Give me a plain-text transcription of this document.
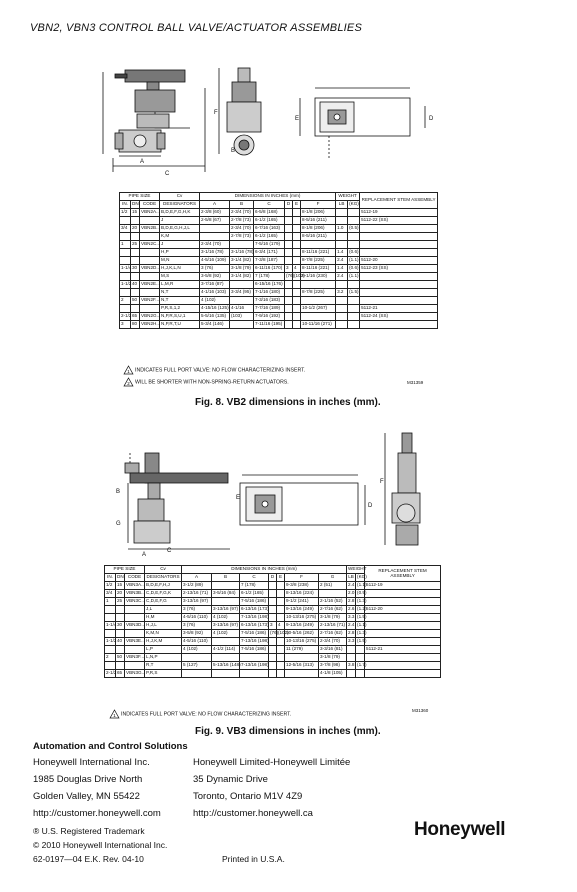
VBN2, VBN3 CONTROL BALL VALVE/ACTUATOR ASSEMBLIES
A
B
C
D
E
F
PIPE SIZE			Cv	DIMENSIONS IN INCHES (mm)						WEIGHT		REPLACEMENT STEM ASSEMBLY
IN.	DN	CODE	DESIGNATORS	A	B	C	D	E	F	LB	(KG)	
1/2	15	VBN2A...	B,D,E,F,G,H,K	2-3/8 (60)	2-3/4 (70)	6-5/8 (168)			8-1/8 (206)			5112-19
			J	2-5/8 (67)	2-7/8 (73)	6-1/2 (165)			8-5/16 (211)			5112-22 (SS)
3/4	20	VBN2B...	B,D,E,G,H,J,L		2-3/4 (70)	6-7/16 (163)			8-1/8 (206)	1.0	(0.5)	
			K,M		2-7/8 (73)	6-1/2 (165)			8-5/16 (211)			
1	25	VBN2C...	J	2-3/4 (70)		7-5/16 (179)						
			H,P	3-1/16 (78)	3-1/16 (78)	6-3/4 (171)			8-11/16 (221)	1.4	(0.6)	
			M,N	4-5/16 (109)	3-1/4 (82)	7-3/8 (187)			8-7/8 (225)	2.4	(1.1)	5112-20
1-1/4	30	VBN2D...	H,J,K,L,N	3 (76)	3-1/8 (79)	6-11/16 (170)	3	4	8-11/16 (221)	1.4	(0.6)	5112-23 (SS)
			M,S	3-5/8 (92)	3-1/4 (82)	7 (178)	(76)	(102)	9-1/16 (230)	2.4	(1.1)	
1-1/2	40	VBN2E...	L,M,R	3-7/16 (87)		6-15/16 (176)						
			N,T	4-1/16 (103)	3-3/4 (95)	7-1/16 (180)			8-7/8 (225)	3.2	(1.5)	
2	50	VBN2F...	N,T	4 (102)		7-3/16 (183)						
			P,R,S,1,2	4-15/16 (125)	4-1/16	7-7/16 (189)			10-1/2 (267)			5112-21
2-1/2	65	VBN2G...	N,P,R,S,U,1	5-5/16 (135)	(103)	7-9/16 (192)						5112-24 (SS)
3	80	VBN2H...	N,P,R,T,U	5-3/4 (146)		7-11/16 (195)			10-11/16 (271)			
1 INDICATES FULL PORT VALVE: NO FLOW CHARACTERIZING INSERT.
2 WILL BE SHORTER WITH NON-SPRING-RETURN ACTUATORS.	M31359
Fig. 8. VB2 dimensions in inches (mm).
A
B
C
D
E
F
G
PIPE SIZE			Cv	DIMENSIONS IN INCHES (mm)							WEIGHT		REPLACEMENT STEM ASSEMBLY
IN.	DN	CODE	DESIGNATORS	A	B	C	D	E	F	G	LB	(KG)	
1/2	15	VBN3A...	B,D,E,F,H,J	3-1/2 (89)		7 (178)			9-3/8 (238)	2 (51)	2.4	(1.1)	5112-19
3/4	20	VBN3B...	C,D,E,F,G,K	2-13/16 (71)	3-5/16 (84)	6-1/2 (165)			8-13/16 (224)		2.0	(0.9)	
1	25	VBN3C...	C,D,E,F,G	3-13/16 (97)		7-5/16 (186)			9-1/2 (241)	2-1/16 (52)	2.8	(1.3)	
			J,L	3 (76)	3-13/16 (97)	6-13/16 (173)			9-13/16 (249)	2-7/16 (62)	2.6	(1.2)	5112-20
			H,M	4-5/16 (110)	4 (102)	7-13/16 (198)			10-13/16 (275)	3-1/8 (79)	3.3	(1.5)	
1-1/4	30	VBN3D...	H,J,L	3 (76)	3-13/16 (97)	6-13/16 (173)	3	4	9-13/16 (249)	2-13/16 (71)	2.4	(1.1)	
			K,M,N	3-5/8 (92)	4 (102)	7-5/16 (186)	(76)	(102)	10-5/16 (262)	2-7/16 (62)	2.8	(1.3)	
1-1/2	40	VBN3E...	H,J,K,M	4-5/16 (110)		7-13/16 (198)			10-13/16 (275)	2-3/4 (70)	3.3	(1.5)	
			L,P	4 (102)	4-1/2 (114)	7-5/16 (186)			11 (279)	3-3/16 (81)			5112-21
2	50	VBN3F...	L,N,P							3-1/8 (79)			
			R,T	5 (127)	5-13/16 (148)	7-13/16 (198)			12-5/16 (313)	3-7/8 (98)	3.8	(1.7)	
2-1/2	65	VBN3G...	P,R,S							4-1/8 (105)			
1 INDICATES FULL PORT VALVE: NO FLOW CHARACTERIZING INSERT.
M31360
Fig. 9. VB3 dimensions in inches (mm).
Automation and Control Solutions
Honeywell International Inc.
1985 Douglas Drive North
Golden Valley, MN 55422
http://customer.honeywell.com
Honeywell Limited-Honeywell Limitée
35 Dynamic Drive
Toronto, Ontario M1V 4Z9
http://customer.honeywell.ca
® U.S. Registered Trademark
© 2010 Honeywell International Inc.
62-0197—04 E.K. Rev. 04-10	Printed in U.S.A.
Honeywell
